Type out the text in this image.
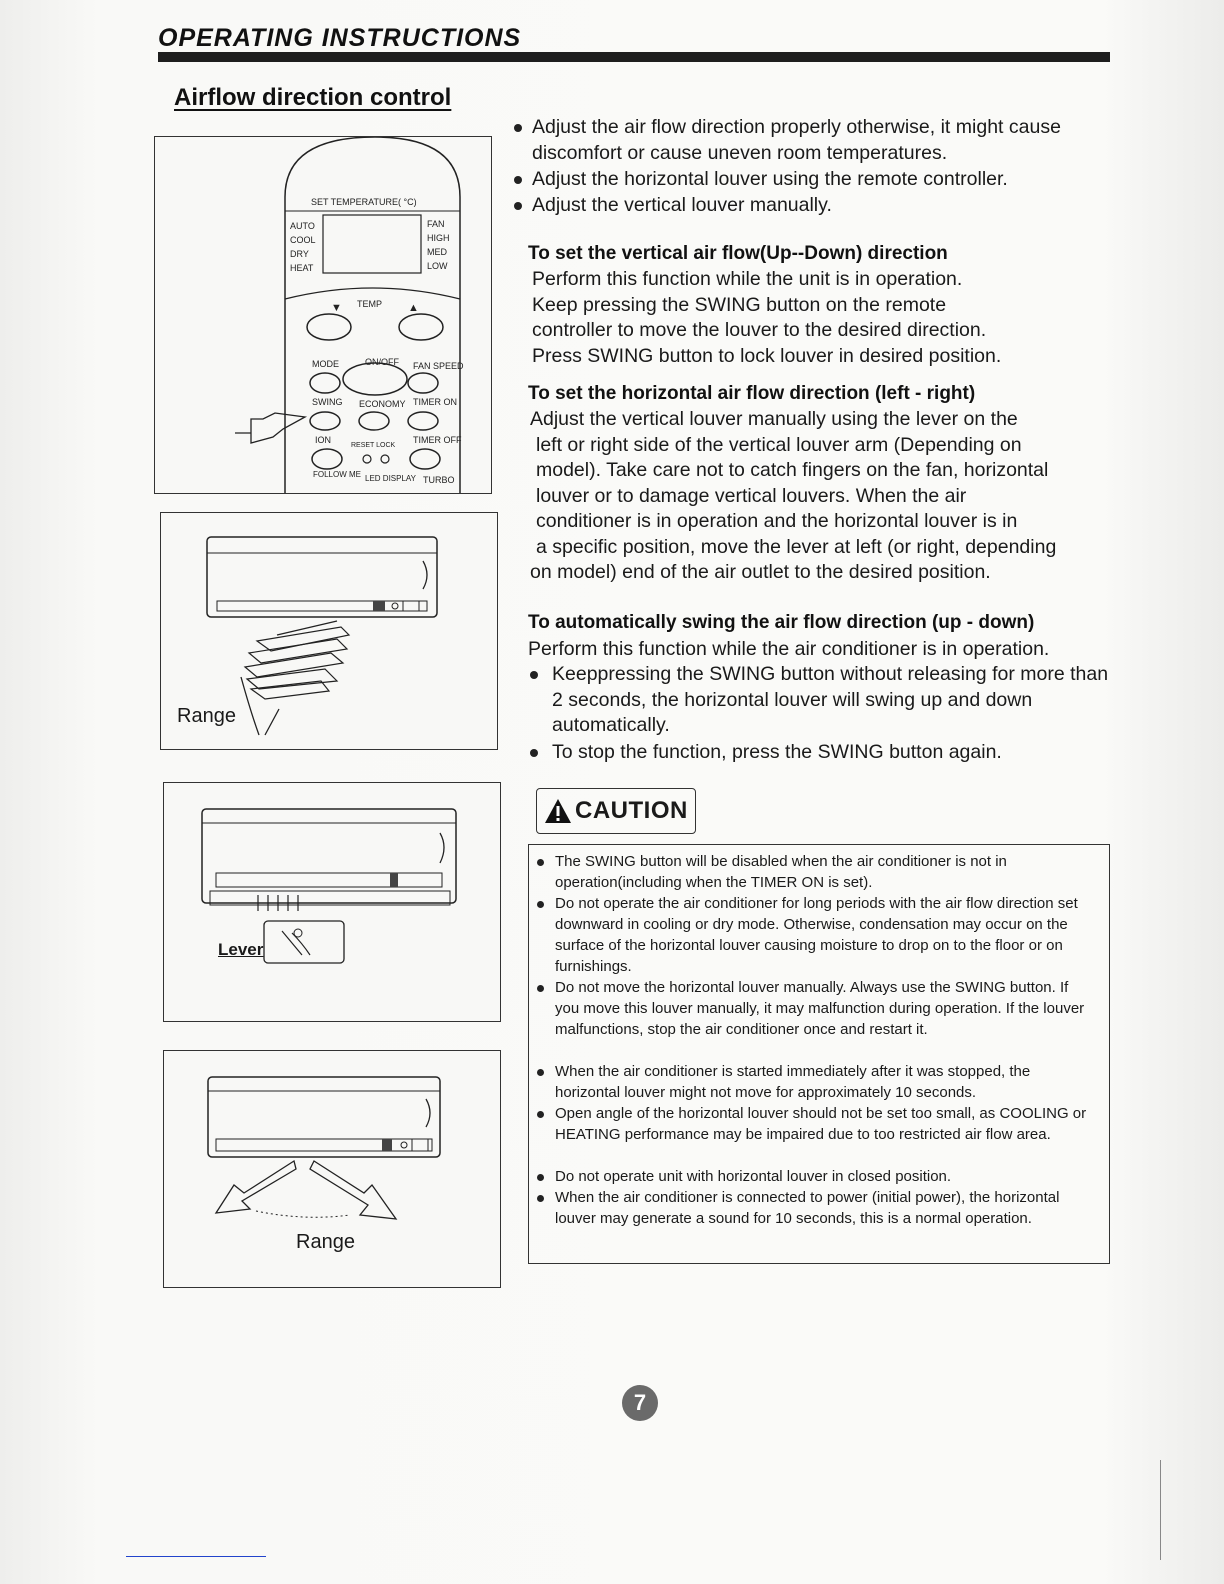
OPERATING INSTRUCTIONS
Airflow direction control
SET TEMPERATURE( °C)
AUTO
COOL
DRY
HEAT
FAN
HIGH
MED
LOW
▼ TEMP ▲
MODE	ON/OFF FAN SPEED
SWING ECONOMY TIMER ON
ION
RESET LOCK
TIMER OFF
FOLLOW ME LED DISPLAY TURBO
Range
Lever
Range
Adjust the air flow direction properly otherwise, it might cause discomfort or cause uneven room temperatures.
Adjust the horizontal louver using the remote controller.
Adjust the vertical louver manually.
To set the vertical air flow(Up--Down) direction
Perform this function while the unit is in operation.
Keep pressing the SWING button on the remote
controller to move the louver to the desired direction.
Press SWING button to lock louver in desired position.
To set the horizontal air flow direction (left - right)
Adjust the vertical louver manually using the lever on the
left or right side of the vertical louver arm (Depending on
model). Take care not to catch fingers on the fan, horizontal
louver or to damage vertical louvers. When the air
conditioner is in operation and the horizontal louver is in
a specific position, move the lever at left (or right, depending
on model) end of the air outlet to the desired position.
To automatically swing the air flow direction (up - down)
Perform this function while the air conditioner is in operation.
Keeppressing the SWING button without releasing for more than 2 seconds, the horizontal louver will swing up and down automatically.
To stop the function, press the SWING button again.
CAUTION
The SWING button will be disabled when the air conditioner is not in operation(including when the TIMER ON is set).
Do not operate the air conditioner for long periods with the air flow direction set downward in cooling or dry mode. Otherwise, condensation may occur on the surface of the horizontal louver causing moisture to drop on to the floor or on furnishings.
Do not move the horizontal louver manually. Always use the SWING button. If you move this louver manually, it may malfunction during operation. If the louver malfunctions, stop the air conditioner once and restart it.
When the air conditioner is started immediately after it was stopped, the horizontal louver might not move for approximately 10 seconds.
Open angle of the horizontal louver should not be set too small, as COOLING or HEATING performance may be impaired due to too restricted air flow area.
Do not operate unit with horizontal louver in closed position.
When the air conditioner is connected to power (initial power), the horizontal louver may generate a sound for 10 seconds, this is a normal operation.
7
